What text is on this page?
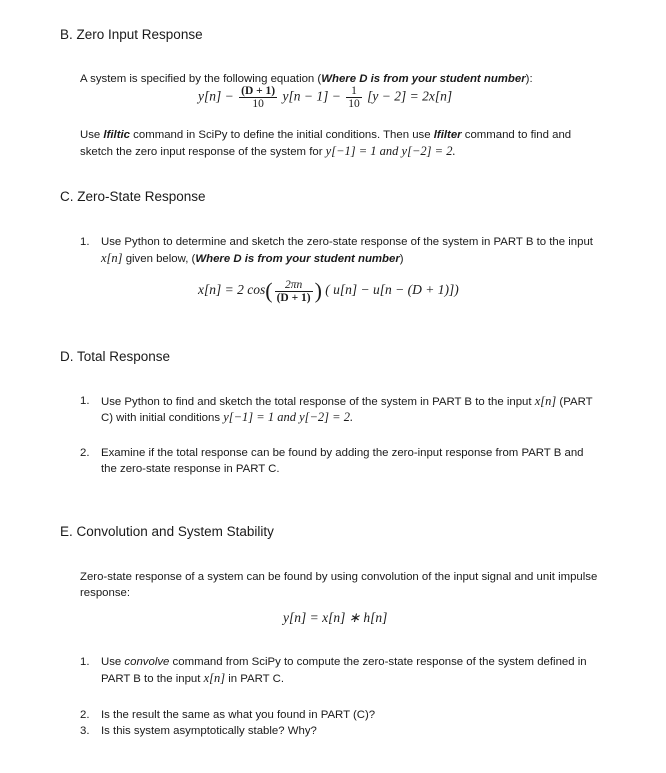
B. Zero Input Response
A system is specified by the following equation (Where D is from your student number):
$y[n] - \frac{(D + 1)}{10} y[n - 1] - \frac{1}{10} [y - 2] = 2x[n]$
Use lfiltic command in SciPy to define the initial conditions. Then use lfilter command to find and
sketch the zero input response of the system for y[−1] = 1 and y[−2] = 2.
C. Zero-State Response
1. Use Python to determine and sketch the zero-state response of the system in PART B to the input
x[n] given below, (Where D is from your student number)
x[n] = 2 $\cos( \frac{2\pi n}{(D + 1)}$ ) ( u[n] − u[n − (D + 1)])
D. Total Response
1. Use Python to find and sketch the total response of the system in PART B to the input x[n] (PART
C) with initial conditions y[−1] = 1 and y[−2] = 2.
2. Examine if the total response can be found by adding the zero-input response from PART B and
the zero-state response in PART C.
E. Convolution and System Stability
Zero-state response of a system can be found by using convolution of the input signal and unit impulse
response:
y[n] = x[n] ∗ h[n]
1. Use convolve command from SciPy to compute the zero-state response of the system defined in
PART B to the input x[n] in PART C.
2. Is the result the same as what you found in PART (C)?
3. Is this system asymptotically stable? Why?
